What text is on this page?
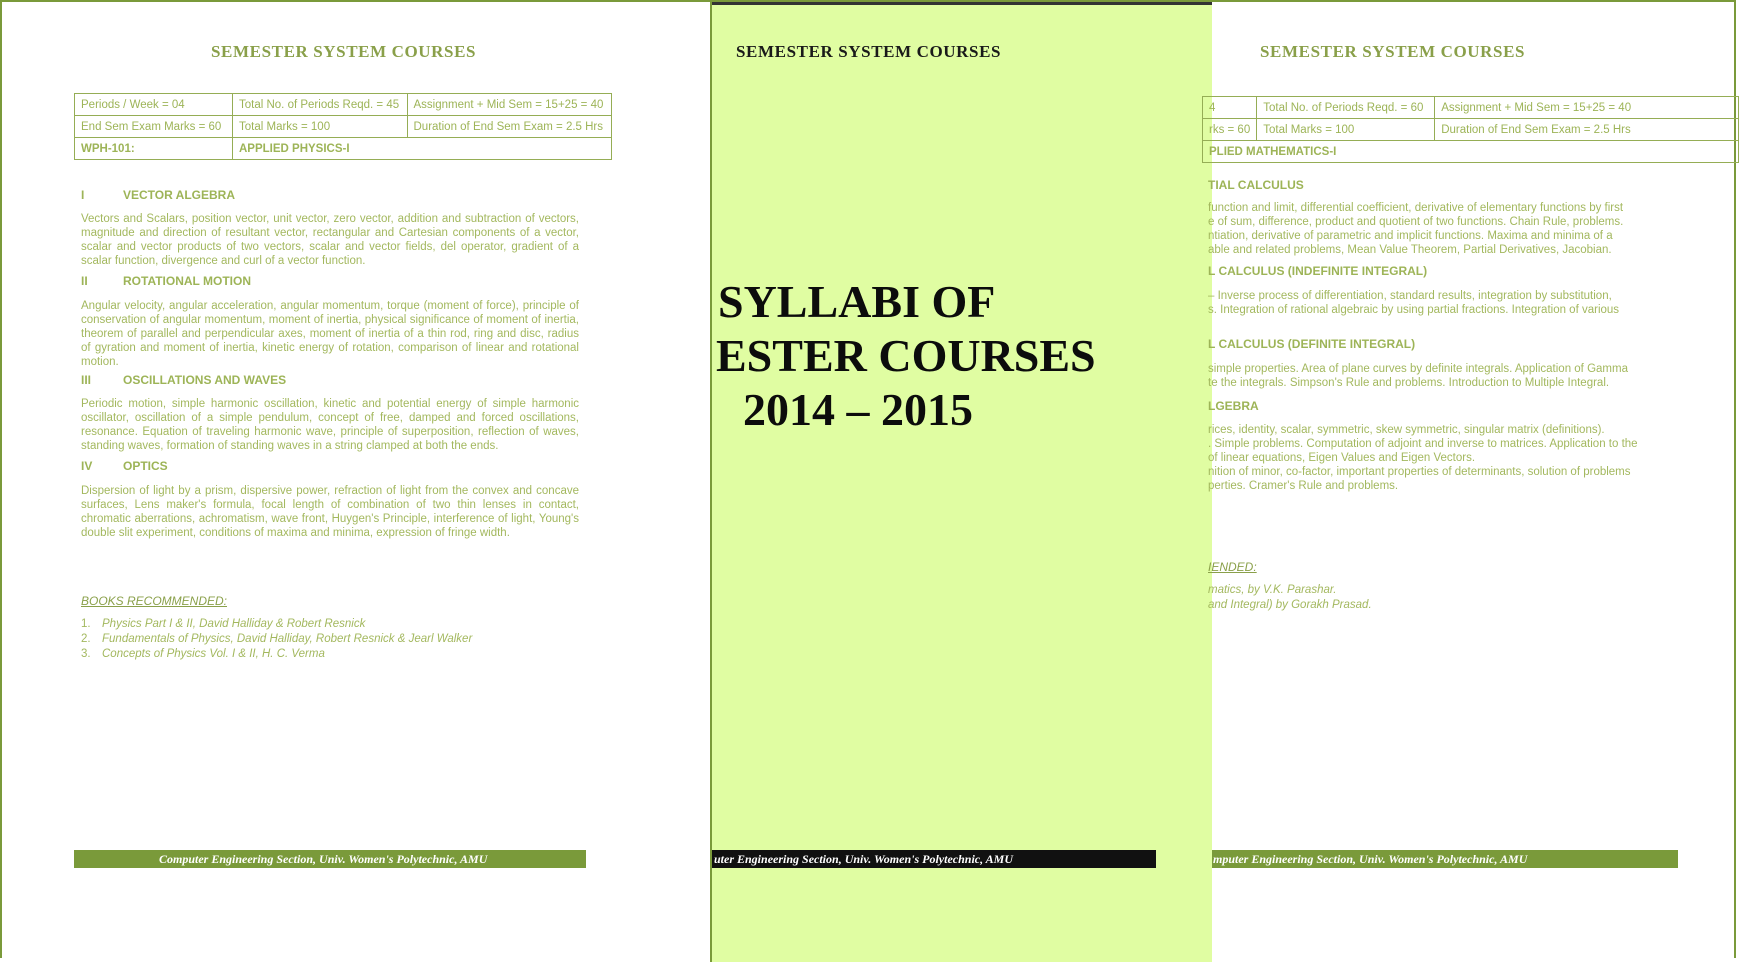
SEMESTER SYSTEM COURSES
Periods / Week = 04	Total No. of Periods Reqd. = 45	Assignment + Mid Sem = 15+25 = 40
End Sem Exam Marks = 60	Total Marks = 100	Duration of End Sem Exam = 2.5 Hrs
WPH-101:	APPLIED PHYSICS-I	
I	VECTOR ALGEBRA
Vectors and Scalars, position vector, unit vector, zero vector, addition and subtraction of vectors, magnitude and direction of resultant vector, rectangular and Cartesian components of a vector, scalar and vector products of two vectors, scalar and vector fields, del operator, gradient of a scalar function, divergence and curl of a vector function.
II	ROTATIONAL MOTION
Angular velocity, angular acceleration, angular momentum, torque (moment of force), principle of conservation of angular momentum, moment of inertia, physical significance of moment of inertia, theorem of parallel and perpendicular axes, moment of inertia of a thin rod, ring and disc, radius of gyration and moment of inertia, kinetic energy of rotation, comparison of linear and rotational motion.
III	OSCILLATIONS AND WAVES
Periodic motion, simple harmonic oscillation, kinetic and potential energy of simple harmonic oscillator, oscillation of a simple pendulum, concept of free, damped and forced oscillations, resonance. Equation of traveling harmonic wave, principle of superposition, reflection of waves, standing waves, formation of standing waves in a string clamped at both the ends.
IV	OPTICS
Dispersion of light by a prism, dispersive power, refraction of light from the convex and concave surfaces, Lens maker's formula, focal length of combination of two thin lenses in contact, chromatic aberrations, achromatism, wave front, Huygen's Principle, interference of light, Young's double slit experiment, conditions of maxima and minima, expression of fringe width.
BOOKS RECOMMENDED:
1. Physics Part I & II, David Halliday & Robert Resnick
2. Fundamentals of Physics, David Halliday, Robert Resnick & Jearl Walker
3. Concepts of Physics Vol. I & II, H. C. Verma
Computer Engineering Section, Univ. Women's Polytechnic, AMU
SEMESTER SYSTEM COURSES
SYLLABI OF
ESTER COURSES
2014 – 2015
uter Engineering Section, Univ. Women's Polytechnic, AMU
SEMESTER SYSTEM COURSES
4	Total No. of Periods Reqd. = 60	Assignment + Mid Sem = 15+25 = 40
rks = 60	Total Marks = 100	Duration of End Sem Exam = 2.5 Hrs
PLIED MATHEMATICS-I		
TIAL CALCULUS
function and limit, differential coefficient, derivative of elementary functions by first
e of sum, difference, product and quotient of two functions. Chain Rule, problems.
ntiation, derivative of parametric and implicit functions. Maxima and minima of a
able and related problems, Mean Value Theorem, Partial Derivatives, Jacobian.
L CALCULUS (INDEFINITE INTEGRAL)
– Inverse process of differentiation, standard results, integration by substitution,
s. Integration of rational algebraic by using partial fractions. Integration of various
L CALCULUS (DEFINITE INTEGRAL)
simple properties. Area of plane curves by definite integrals. Application of Gamma
te the integrals. Simpson's Rule and problems. Introduction to Multiple Integral.
LGEBRA
rices, identity, scalar, symmetric, skew symmetric, singular matrix (definitions).
. Simple problems. Computation of adjoint and inverse to matrices. Application to the
of linear equations, Eigen Values and Eigen Vectors.
nition of minor, co-factor, important properties of determinants, solution of problems
perties. Cramer's Rule and problems.
IENDED:
matics, by V.K. Parashar.
and Integral) by Gorakh Prasad.
mputer Engineering Section, Univ. Women's Polytechnic, AMU
